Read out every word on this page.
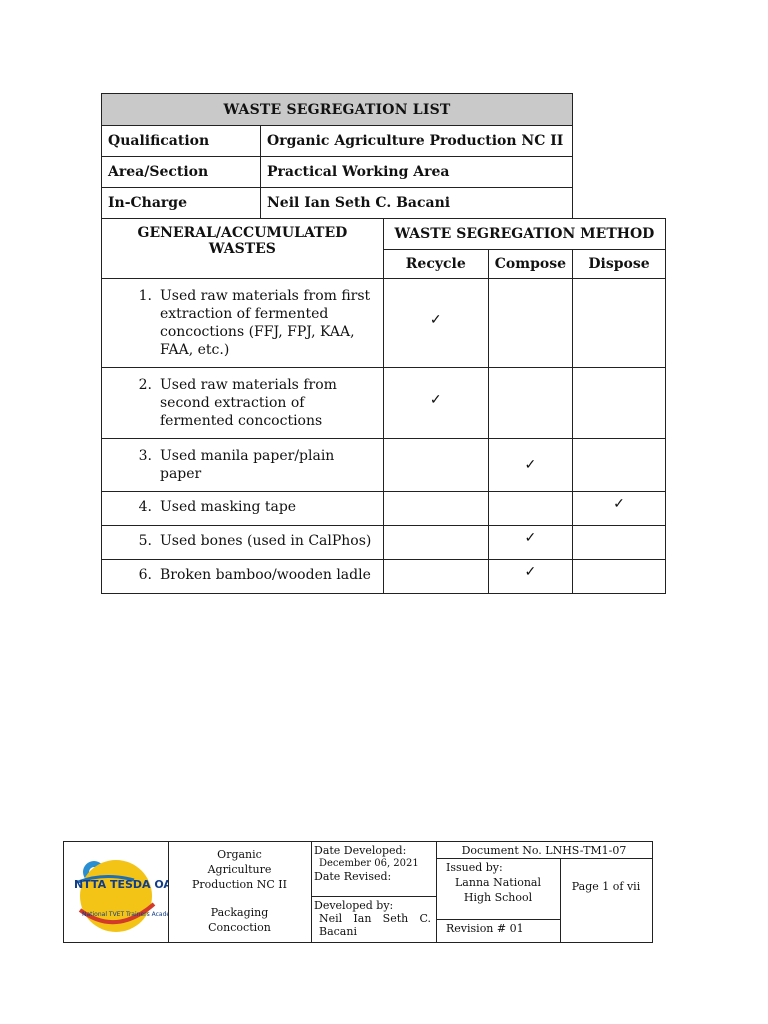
WASTE SEGREGATION LIST				
Qualification	Organic Agriculture Production NC II			
Area/Section	Practical Working Area			
In-Charge	Neil Ian Seth C. Bacani			
GENERAL/ACCUMULATED WASTES		WASTE SEGREGATION METHOD		
		Recycle	Compose	Dispose

1. Used raw materials from first extraction of fermented concoctions (FFJ, FPJ, KAA, FAA, etc.)		✓		

2. Used raw materials from second extraction of fermented concoctions		✓		

3. Used manila paper/plain paper			✓	

4. Used masking tape				✓

5. Used bones (used in CalPhos)			✓	

6. Broken bamboo/wooden ladle			✓	
NTTA TESDA OA
National TVET Trainers Acad
Organic
Agriculture
Production NC II
Packaging
Concoction
Date Developed:
December 06, 2021
Date Revised:
Developed by:
Neil Ian Seth C.
Bacani
Document No. LNHS-TM1-07
Issued by:
Lanna National
High School
Revision # 01
Page 1 of vii
